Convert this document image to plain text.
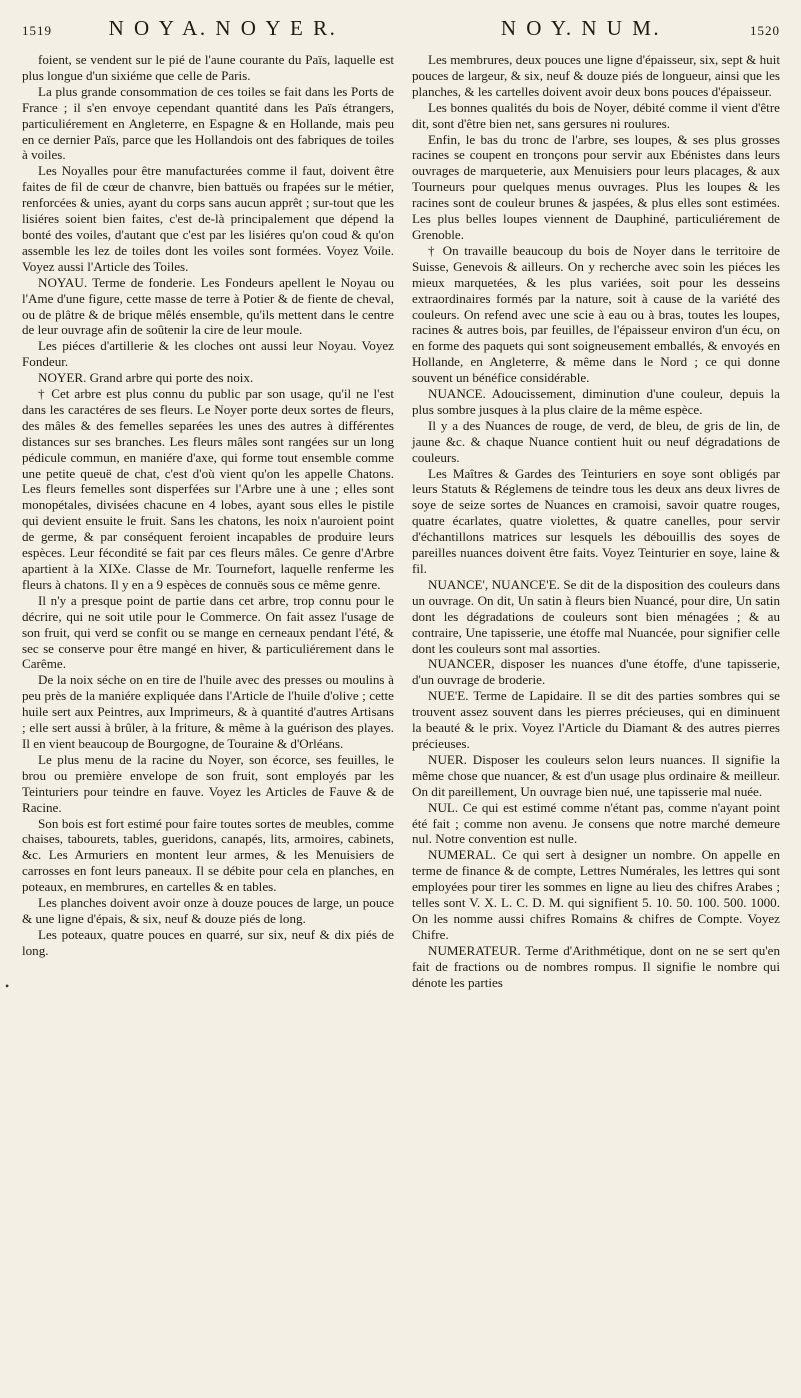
1519	N O Y A. N O Y E R.	N O Y. N U M.	1520

foient, se vendent sur le pié de l'aune courante du Païs, laquelle est plus longue d'un sixiéme que celle de Paris.

La plus grande consommation de ces toiles se fait dans les Ports de France ; il s'en envoye cependant quantité dans les Païs étrangers, particuliérement en Angleterre, en Espagne & en Hollande, mais peu en ce dernier Païs, parce que les Hollandois ont des fabriques de toiles à voiles.

Les Noyalles pour être manufacturées comme il faut, doivent être faites de fil de cœur de chanvre, bien battuës ou frapées sur le métier, renforcées & unies, ayant du corps sans aucun apprêt ; sur-tout que les lisiéres soient bien faites, c'est de-là principalement que dépend la bonté des voiles, d'autant que c'est par les lisiéres qu'on coud & qu'on assemble les lez de toiles dont les voiles sont formées. Voyez Voile. Voyez aussi l'Article des Toiles.

NOYAU. Terme de fonderie. Les Fondeurs apellent le Noyau ou l'Ame d'une figure, cette masse de terre à Potier & de fiente de cheval, ou de plâtre & de brique mêlés ensemble, qu'ils mettent dans le centre de leur ouvrage afin de soûtenir la cire de leur moule.

Les piéces d'artillerie & les cloches ont aussi leur Noyau. Voyez Fondeur.

NOYER. Grand arbre qui porte des noix.

† Cet arbre est plus connu du public par son usage, qu'il ne l'est dans les caractéres de ses fleurs. Le Noyer porte deux sortes de fleurs, des mâles & des femelles separées les unes des autres à différentes distances sur ses branches. Les fleurs mâles sont rangées sur un long pédicule commun, en maniére d'axe, qui forme tout ensemble comme une petite queuë de chat, c'est d'où vient qu'on les appelle Chatons. Les fleurs femelles sont disperfées sur l'Arbre une à une ; elles sont monopétales, divisées chacune en 4 lobes, ayant sous elles le pistile qui devient ensuite le fruit. Sans les chatons, les noix n'auroient point de germe, & par conséquent feroient incapables de produire leurs espèces. Leur fécondité se fait par ces fleurs mâles. Ce genre d'Arbre apartient à la XIXe. Classe de Mr. Tournefort, laquelle renferme les fleurs à chatons. Il y en a 9 espèces de connuës sous ce même genre.

Il n'y a presque point de partie dans cet arbre, trop connu pour le décrire, qui ne soit utile pour le Commerce. On fait assez l'usage de son fruit, qui verd se confit ou se mange en cerneaux pendant l'été, & sec se conserve pour être mangé en hiver, & particuliérement dans le Carême.

De la noix séche on en tire de l'huile avec des presses ou moulins à peu près de la maniére expliquée dans l'Article de l'huile d'olive ; cette huile sert aux Peintres, aux Imprimeurs, & à quantité d'autres Artisans ; elle sert aussi à brûler, à la friture, & même à la guérison des playes. Il en vient beaucoup de Bourgogne, de Touraine & d'Orléans.

Le plus menu de la racine du Noyer, son écorce, ses feuilles, le brou ou première envelope de son fruit, sont employés par les Teinturiers pour teindre en fauve. Voyez les Articles de Fauve & de Racine.

Son bois est fort estimé pour faire toutes sortes de meubles, comme chaises, tabourets, tables, gueridons, canapés, lits, armoires, cabinets, &c. Les Armuriers en montent leur armes, & les Menuisiers de carrosses en font leurs paneaux. Il se débite pour cela en planches, en poteaux, en membrures, en cartelles & en tables.

Les planches doivent avoir onze à douze pouces de large, un pouce & une ligne d'épais, & six, neuf & douze piés de long.

Les poteaux, quatre pouces en quarré, sur six, neuf & dix piés de long.

Les membrures, deux pouces une ligne d'épaisseur, six, sept & huit pouces de largeur, & six, neuf & douze piés de longueur, ainsi que les planches, & les cartelles doivent avoir deux bons pouces d'épaisseur.

Les bonnes qualités du bois de Noyer, débité comme il vient d'être dit, sont d'être bien net, sans gersures ni roulures.

Enfin, le bas du tronc de l'arbre, ses loupes, & ses plus grosses racines se coupent en tronçons pour servir aux Ebénistes dans leurs ouvrages de marqueterie, aux Menuisiers pour leurs placages, & aux Tourneurs pour quelques menus ouvrages. Plus les loupes & les racines sont de couleur brunes & jaspées, & plus elles sont estimées. Les plus belles loupes viennent de Dauphiné, particuliérement de Grenoble.

† On travaille beaucoup du bois de Noyer dans le territoire de Suisse, Genevois & ailleurs. On y recherche avec soin les piéces les mieux marquetées, & les plus variées, soit pour les desseins extraordinaires formés par la nature, soit à cause de la variété des couleurs. On refend avec une scie à eau ou à bras, toutes les loupes, racines & autres bois, par feuilles, de l'épaisseur environ d'un écu, on en forme des paquets qui sont soigneusement emballés, & envoyés en Hollande, en Angleterre, & même dans le Nord ; ce qui donne souvent un bénéfice considérable.

NUANCE. Adoucissement, diminution d'une couleur, depuis la plus sombre jusques à la plus claire de la même espèce.

Il y a des Nuances de rouge, de verd, de bleu, de gris de lin, de jaune &c. & chaque Nuance contient huit ou neuf dégradations de couleurs.

Les Maîtres & Gardes des Teinturiers en soye sont obligés par leurs Statuts & Réglemens de teindre tous les deux ans deux livres de soye de seize sortes de Nuances en cramoisi, savoir quatre rouges, quatre écarlates, quatre violettes, & quatre canelles, pour servir d'échantillons matrices sur lesquels les débouillis des soyes de pareilles nuances doivent être faits. Voyez Teinturier en soye, laine & fil.

NUANCE', NUANCE'E. Se dit de la disposition des couleurs dans un ouvrage. On dit, Un satin à fleurs bien Nuancé, pour dire, Un satin dont les dégradations de couleurs sont bien ménagées ; & au contraire, Une tapisserie, une étoffe mal Nuancée, pour signifier celle dont les couleurs sont mal assorties.

NUANCER, disposer les nuances d'une étoffe, d'une tapisserie, d'un ouvrage de broderie.

NUE'E. Terme de Lapidaire. Il se dit des parties sombres qui se trouvent assez souvent dans les pierres précieuses, qui en diminuent la beauté & le prix. Voyez l'Article du Diamant & des autres pierres précieuses.

NUER. Disposer les couleurs selon leurs nuances. Il signifie la même chose que nuancer, & est d'un usage plus ordinaire & meilleur. On dit pareillement, Un ouvrage bien nué, une tapisserie mal nuée.

NUL. Ce qui est estimé comme n'étant pas, comme n'ayant point été fait ; comme non avenu. Je consens que notre marché demeure nul. Notre convention est nulle.

NUMERAL. Ce qui sert à designer un nombre. On appelle en terme de finance & de compte, Lettres Numérales, les lettres qui sont employées pour tirer les sommes en ligne au lieu des chifres Arabes ; telles sont V. X. L. C. D. M. qui signifient 5. 10. 50. 100. 500. 1000. On les nomme aussi chifres Romains & chifres de Compte. Voyez Chifre.

NUMERATEUR. Terme d'Arithmétique, dont on ne se sert qu'en fait de fractions ou de nombres rompus. Il signifie le nombre qui dénote les parties

•
